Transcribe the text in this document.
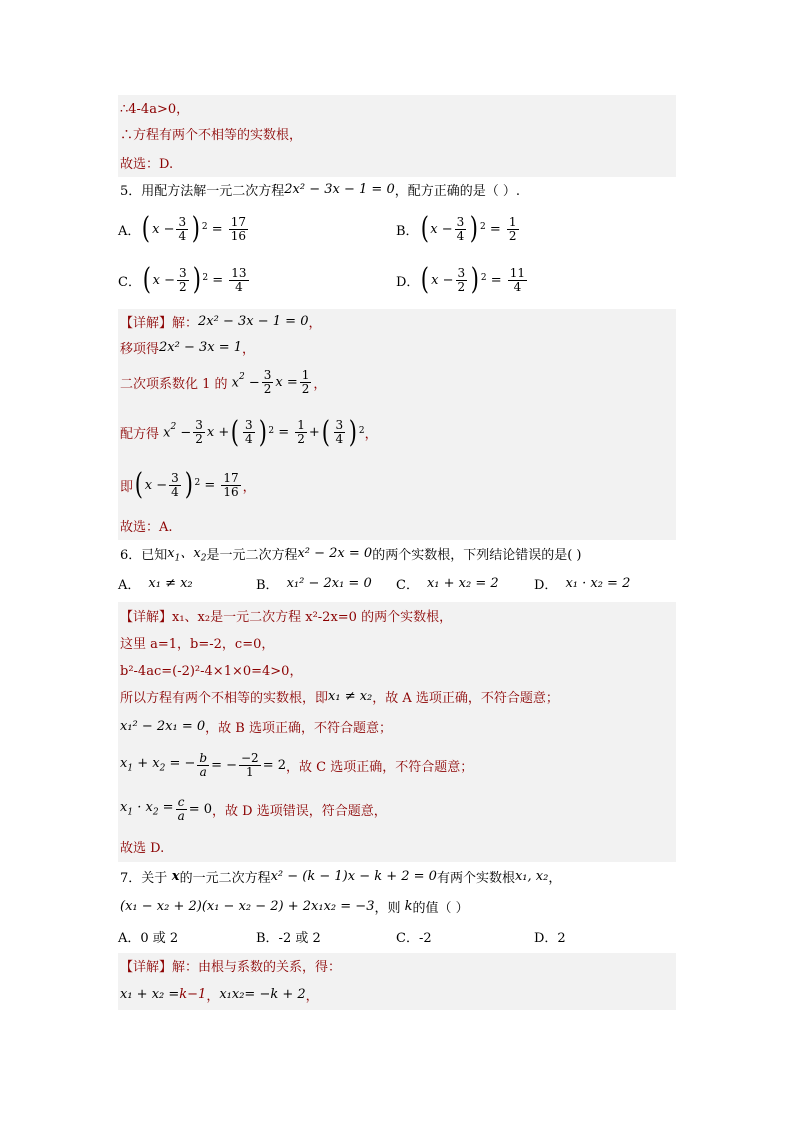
∴4-4a>0，
∴方程有两个不相等的实数根，
故选：D.
5．用配方法解一元二次方程 2x² − 3x − 1 = 0 ，配方正确的是（ ）.
A． ( $x - \frac{3}{4}$ ) $2 = \frac{17}{16}$	B． ( $x - \frac{3}{4}$ ) $2 = \frac{1}{2}$
C． ( $x - \frac{3}{2}$ ) $2 = \frac{13}{4}$	D． ( $x - \frac{3}{2}$ ) $2 = \frac{11}{4}$
【详解】 解： 2x² − 3x − 1 = 0 ，
移项得 2x² − 3x = 1 ，
二次项系数化 1 的 $x^2 - \frac{3}{2}$ $x = \frac{1}{2}$ ，
配方得 $x^2 - \frac{3}{2}$ x + ( $\frac{3}{4}$ ) $2 = \frac{1}{2}$ + ( $\frac{3}{4}$ ) 2 ，
即 ( $x - \frac{3}{4}$ ) $2 = \frac{17}{16}$ ，
故选：A.
6．已知 $x_1$、$x_2$ 是一元二次方程 x² − 2x = 0 的两个实数根，下列结论错误的是( )
A． x₁ ≠ x₂	B． x₁² − 2x₁ = 0 C． x₁ + x₂ = 2	D． x₁ · x₂ = 2
【详解】 x₁、x₂是一元二次方程 x²-2x=0 的两个实数根，
这里 a=1，b=-2，c=0，
b²-4ac=(-2)²-4×1×0=4>0，
所以方程有两个不相等的实数根，即 x₁ ≠ x₂ ，故 A 选项正确，不符合题意；
x₁² − 2x₁ = 0 ，故 B 选项正确，不符合题意；
$x_1 + x_2$ = − $\frac{b}{a}$ = − $\frac{-2}{1} = 2$ ，故 C 选项正确，不符合题意；
$x_1 \cdot x_2 = \frac{c}{a} = 0$ ，故 D 选项错误，符合题意，
故选 D.
7．关于 x 的一元二次方程 x² − (k − 1)x − k + 2 = 0 有两个实数根 x₁, x₂ ，
(x₁ − x₂ + 2)(x₁ − x₂ − 2) + 2x₁x₂ = −3 ，则 k 的值（ ）
A．0 或 2	B．-2 或 2	C．-2	D．2
【详解】 解：由根与系数的关系，得：
x₁ + x₂ = k−1 ， x₁x₂= −k + 2 ，
